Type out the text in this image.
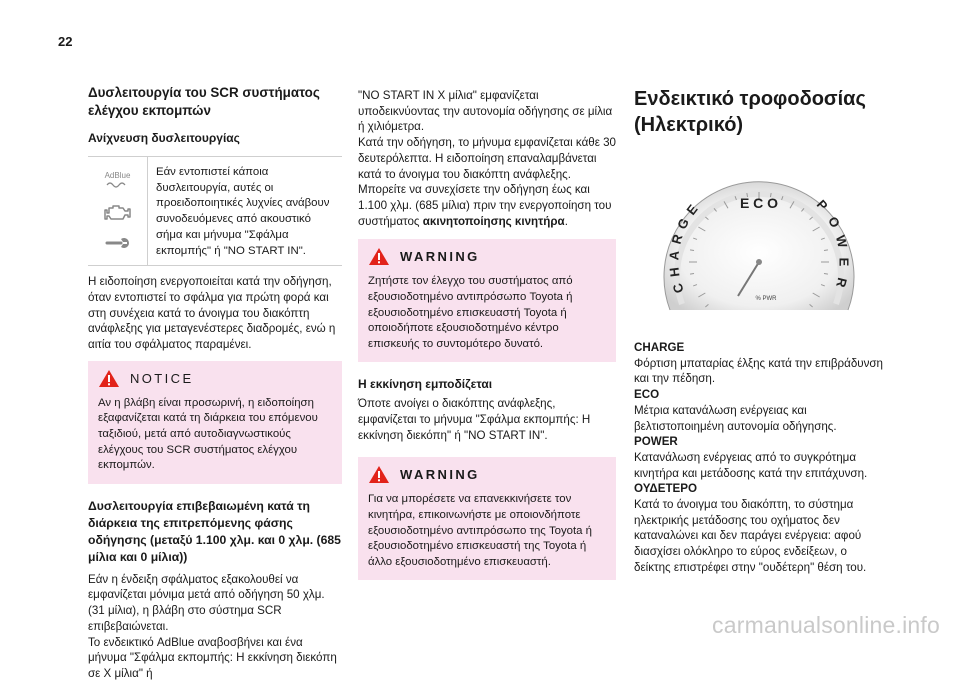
22
Δυσλειτουργία του SCR συστήματος ελέγχου εκπομπών
Ανίχνευση δυσλειτουργίας
AdBlue	Εάν εντοπιστεί κάποια δυσλειτουργία, αυτές οι προειδοποιητικές λυχνίες ανάβουν συνοδευόμενες από ακουστικό σήμα και μήνυμα "Σφάλμα εκπομπής" ή "NO START IN".

Η ειδοποίηση ενεργοποιείται κατά την οδήγηση, όταν εντοπιστεί το σφάλμα για πρώτη φορά και στη συνέχεια κατά το άνοιγμα του διακόπτη ανάφλεξης για μεταγενέστερες διαδρομές, ενώ η αιτία του σφάλματος παραμένει.

NOTICE

Αν η βλάβη είναι προσωρινή, η ειδοποίηση εξαφανίζεται κατά τη διάρκεια του επόμενου ταξιδιού, μετά από αυτοδιαγνωστικούς ελέγχους του SCR συστήματος ελέγχου εκπομπών.

Δυσλειτουργία επιβεβαιωμένη κατά τη διάρκεια της επιτρεπόμενης φάσης οδήγησης (μεταξύ 1.100 χλμ. και 0 χλμ. (685 μίλια και 0 μίλια))

Εάν η ένδειξη σφάλματος εξακολουθεί να εμφανίζεται μόνιμα μετά από οδήγηση 50 χλμ. (31 μίλια), η βλάβη στο σύστημα SCR επιβεβαιώνεται.

Το ενδεικτικό AdBlue αναβοσβήνει και ένα μήνυμα "Σφάλμα εκπομπής: Η εκκίνηση διεκόπη σε X μίλια" ή

"NO START IN X μίλια" εμφανίζεται υποδεικνύοντας την αυτονομία οδήγησης σε μίλια ή χιλιόμετρα.

Κατά την οδήγηση, το μήνυμα εμφανίζεται κάθε 30 δευτερόλεπτα. Η ειδοποίηση επαναλαμβάνεται κατά το άνοιγμα του διακόπτη ανάφλεξης.

Μπορείτε να συνεχίσετε την οδήγηση έως και 1.100 χλμ. (685 μίλια) πριν την ενεργοποίηση του συστήματος ακινητοποίησης κινητήρα.

WARNING

Ζητήστε τον έλεγχο του συστήματος από εξουσιοδοτημένο αντιπρόσωπο Toyota ή εξουσιοδοτημένο επισκευαστή Toyota ή οποιοδήποτε εξουσιοδοτημένο κέντρο επισκευής το συντομότερο δυνατό.

Η εκκίνηση εμποδίζεται

Όποτε ανοίγει ο διακόπτης ανάφλεξης, εμφανίζεται το μήνυμα "Σφάλμα εκπομπής: Η εκκίνηση διεκόπη" ή "NO START IN".

WARNING

Για να μπορέσετε να επανεκκινήσετε τον κινητήρα, επικοινωνήστε με οποιονδήποτε εξουσιοδοτημένο αντιπρόσωπο της Toyota ή εξουσιοδοτημένο επισκευαστή της Toyota ή άλλο εξουσιοδοτημένο επισκευαστή.

Ενδεικτικό τροφοδοσίας (Ηλεκτρικό)
E C O
C
H
A
R
G
E	P
O
W
E
R
% PWR
CHARGE

Φόρτιση μπαταρίας έλξης κατά την επιβράδυνση και την πέδηση.

ECO

Μέτρια κατανάλωση ενέργειας και βελτιστοποιημένη αυτονομία οδήγησης.

POWER

Κατανάλωση ενέργειας από το συγκρότημα κινητήρα και μετάδοσης κατά την επιτάχυνση.

ΟΥΔΕΤΕΡΟ

Κατά το άνοιγμα του διακόπτη, το σύστημα ηλεκτρικής μετάδοσης του οχήματος δεν καταναλώνει και δεν παράγει ενέργεια: αφού διασχίσει ολόκληρο το εύρος ενδείξεων, ο δείκτης επιστρέφει στην "ουδέτερη" θέση του.

carmanualsonline.info
